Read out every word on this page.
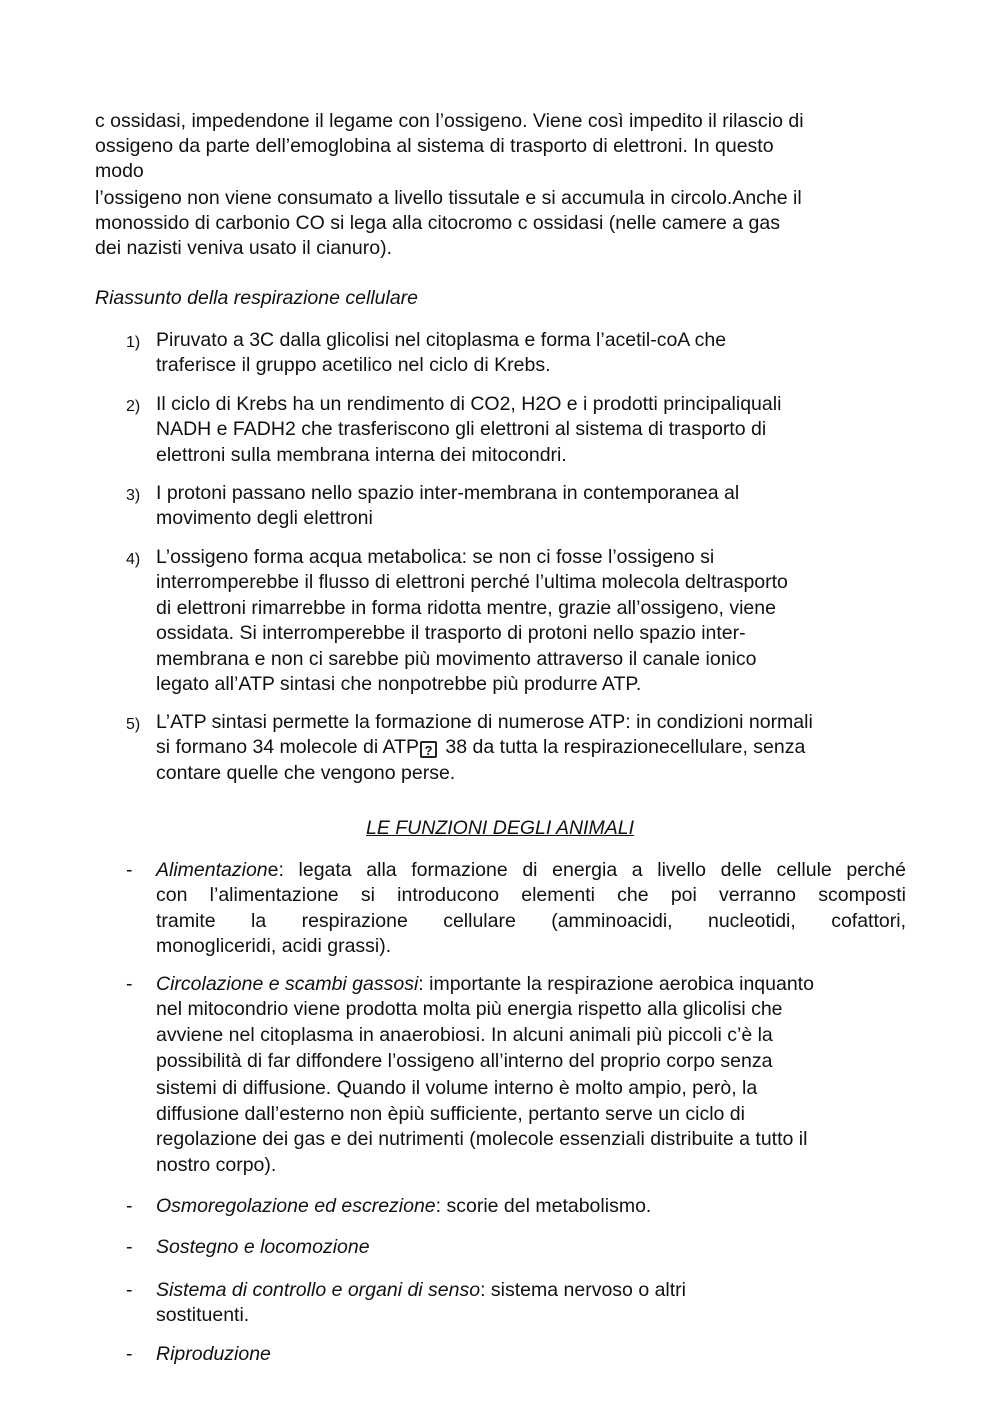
c ossidasi, impedendone il legame con l’ossigeno. Viene così impedito il rilascio di
ossigeno da parte dell’emoglobina al sistema di trasporto di elettroni. In questo
modo
l’ossigeno non viene consumato a livello tissutale e si accumula in circolo.Anche il
monossido di carbonio CO si lega alla citocromo c ossidasi (nelle camere a gas
dei nazisti veniva usato il cianuro).
Riassunto della respirazione cellulare
1) Piruvato a 3C dalla glicolisi nel citoplasma e forma l’acetil-coA che
traferisce il gruppo acetilico nel ciclo di Krebs.
2) Il ciclo di Krebs ha un rendimento di CO2, H2O e i prodotti principaliquali
NADH e FADH2 che trasferiscono gli elettroni al sistema di trasporto di
elettroni sulla membrana interna dei mitocondri.
3) I protoni passano nello spazio inter-membrana in contemporanea al
movimento degli elettroni
4) L’ossigeno forma acqua metabolica: se non ci fosse l’ossigeno si
interromperebbe il flusso di elettroni perché l’ultima molecola deltrasporto
di elettroni rimarrebbe in forma ridotta mentre, grazie all’ossigeno, viene
ossidata. Si interromperebbe il trasporto di protoni nello spazio inter-
membrana e non ci sarebbe più movimento attraverso il canale ionico
legato all’ATP sintasi che nonpotrebbe più produrre ATP.
5) L’ATP sintasi permette la formazione di numerose ATP: in condizioni normali
si formano 34 molecole di ATP ? 38 da tutta la respirazionecellulare, senza
contare quelle che vengono perse.
LE FUNZIONI DEGLI ANIMALI
- Alimentazione: legata alla formazione di energia a livello delle cellule perché
con l’alimentazione si introducono elementi che poi verranno scomposti
tramite la respirazione cellulare (amminoacidi, nucleotidi, cofattori,
monogliceridi, acidi grassi).
- Circolazione e scambi gassosi: importante la respirazione aerobica inquanto
nel mitocondrio viene prodotta molta più energia rispetto alla glicolisi che
avviene nel citoplasma in anaerobiosi. In alcuni animali più piccoli c’è la
possibilità di far diffondere l’ossigeno all’interno del proprio corpo senza
sistemi di diffusione. Quando il volume interno è molto ampio, però, la
diffusione dall’esterno non èpiù sufficiente, pertanto serve un ciclo di
regolazione dei gas e dei nutrimenti (molecole essenziali distribuite a tutto il
nostro corpo).
- Osmoregolazione ed escrezione: scorie del metabolismo.
- Sostegno e locomozione
- Sistema di controllo e organi di senso: sistema nervoso o altri
sostituenti.
- Riproduzione
